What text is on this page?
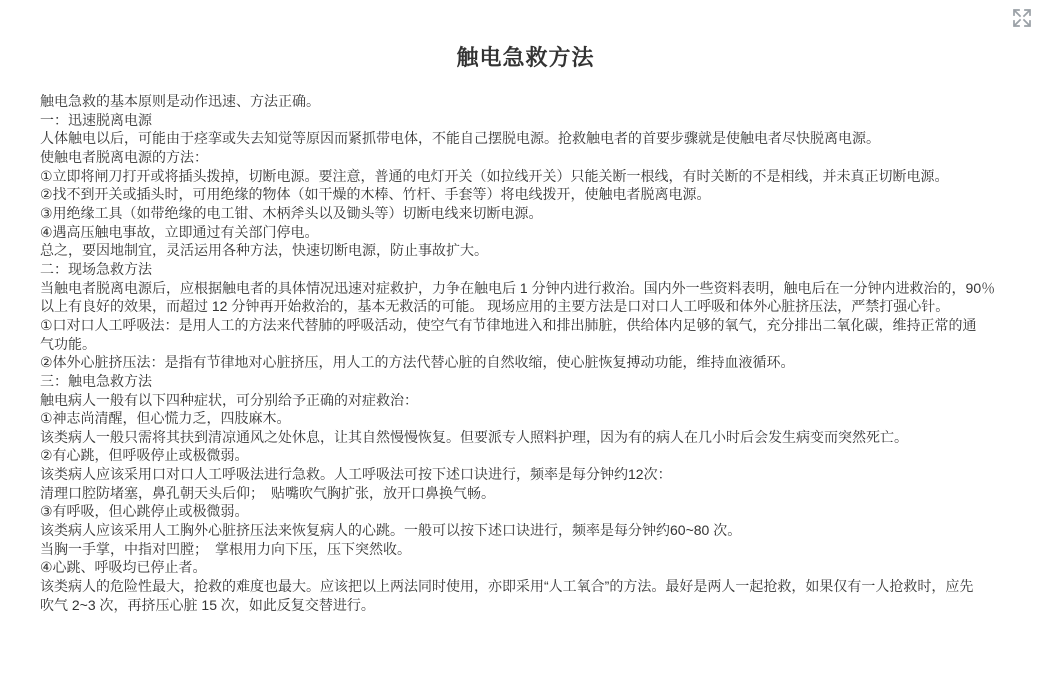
触电急救方法
触电急救的基本原则是动作迅速、方法正确。
一：迅速脱离电源
人体触电以后，可能由于痉挛或失去知觉等原因而紧抓带电体，不能自己摆脱电源。抢救触电者的首要步骤就是使触电者尽快脱离电源。
使触电者脱离电源的方法：
①立即将闸刀打开或将插头拨掉，切断电源。要注意，普通的电灯开关（如拉线开关）只能关断一根线，有时关断的不是相线，并未真正切断电源。
②找不到开关或插头时，可用绝缘的物体（如干燥的木棒、竹杆、手套等）将电线拨开，使触电者脱离电源。
③用绝缘工具（如带绝缘的电工钳、木柄斧头以及锄头等）切断电线来切断电源。
④遇高压触电事故，立即通过有关部门停电。
总之，要因地制宜，灵活运用各种方法，快速切断电源，防止事故扩大。
二：现场急救方法
当触电者脱离电源后，应根据触电者的具体情况迅速对症救护，力争在触电后 1 分钟内进行救治。国内外一些资料表明，触电后在一分钟内进救治的，90％
以上有良好的效果，而超过 12 分钟再开始救治的，基本无救活的可能。 现场应用的主要方法是口对口人工呼吸和体外心脏挤压法，严禁打强心针。
①口对口人工呼吸法：是用人工的方法来代替肺的呼吸活动，使空气有节律地进入和排出肺脏，供给体内足够的氧气，充分排出二氧化碳，维持正常的通
气功能。
②体外心脏挤压法：是指有节律地对心脏挤压，用人工的方法代替心脏的自然收缩，使心脏恢复搏动功能，维持血液循环。
三：触电急救方法
触电病人一般有以下四种症状，可分别给予正确的对症救治：
①神志尚清醒，但心慌力乏，四肢麻木。
该类病人一般只需将其扶到清凉通风之处休息，让其自然慢慢恢复。但要派专人照料护理，因为有的病人在几小时后会发生病变而突然死亡。
②有心跳，但呼吸停止或极微弱。
该类病人应该采用口对口人工呼吸法进行急救。人工呼吸法可按下述口诀进行，频率是每分钟约12次：
清理口腔防堵塞，鼻孔朝天头后仰；　贴嘴吹气胸扩张，放开口鼻换气畅。
③有呼吸，但心跳停止或极微弱。
该类病人应该采用人工胸外心脏挤压法来恢复病人的心跳。一般可以按下述口诀进行，频率是每分钟约60~80 次。
当胸一手掌，中指对凹膛；　掌根用力向下压，压下突然收。
④心跳、呼吸均已停止者。
该类病人的危险性最大，抢救的难度也最大。应该把以上两法同时使用，亦即采用“人工氧合”的方法。最好是两人一起抢救，如果仅有一人抢救时，应先
吹气 2~3 次，再挤压心脏 15 次，如此反复交替进行。
